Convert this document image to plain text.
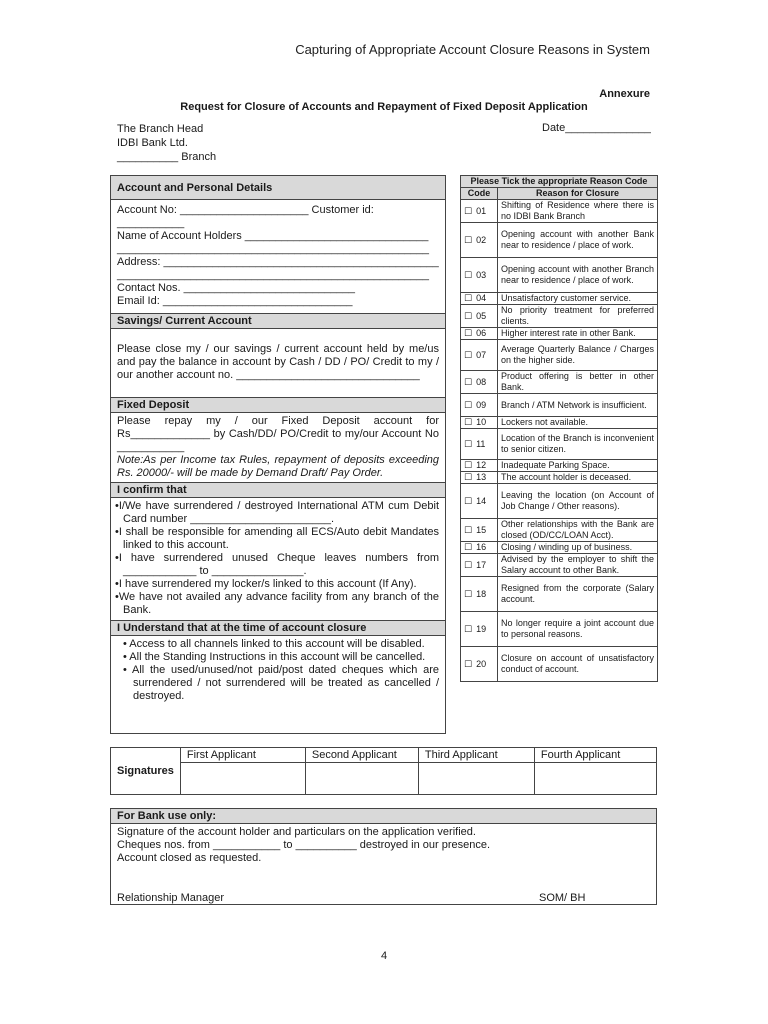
Capturing of Appropriate Account Closure Reasons in System
Annexure
Request for Closure of Accounts and Repayment of Fixed Deposit Application
The Branch Head
IDBI Bank Ltd.
__________ Branch
Date______________
Account and Personal Details
Account No: _____________________ Customer id: ___________
Name of Account Holders ______________________________
___________________________________________________
Address: _____________________________________________
___________________________________________________
Contact Nos. ____________________________
Email Id: _______________________________
Savings/ Current Account
Please close my / our savings / current account held by me/us and pay the balance in account by Cash / DD / PO/ Credit to my / our another account no. ______________________________
Fixed Deposit
Please repay my / our Fixed Deposit account for Rs_____________ by Cash/DD/ PO/Credit to my/our Account No ___________
Note:As per Income tax Rules, repayment of deposits exceeding Rs. 20000/- will be made by Demand Draft/ Pay Order.
I confirm that

•I/We have surrendered / destroyed International ATM cum Debit Card number _______________________.

•I shall be responsible for amending all ECS/Auto debit Mandates linked to this account.

•I have surrendered unused Cheque leaves numbers from ____________ to _______________.

•I have surrendered my locker/s linked to this account (If Any).

•We have not availed any advance facility from any branch of the Bank.

I Understand that at the time of account closure

• Access to all channels linked to this account will be disabled.

• All the Standing Instructions in this account will be cancelled.

• All the used/unused/not paid/post dated cheques which are surrendered / not surrendered will be treated as cancelled / destroyed.

Please Tick the appropriate Reason Code	
Code	Reason for Closure
☐ 01	Shifting of Residence where there is no IDBI Bank Branch
☐ 02	Opening account with another Bank near to residence / place of work.
☐ 03	Opening account with another Branch near to residence / place of work.
☐ 04	Unsatisfactory customer service.
☐ 05	No priority treatment for preferred clients.
☐ 06	Higher interest rate in other Bank.
☐ 07	Average Quarterly Balance / Charges on the higher side.
☐ 08	Product offering is better in other Bank.
☐ 09	Branch / ATM Network is insufficient.
☐ 10	Lockers not available.
☐ 11	Location of the Branch is inconvenient to senior citizen.
☐ 12	Inadequate Parking Space.
☐ 13	The account holder is deceased.
☐ 14	Leaving the location (on Account of Job Change / Other reasons).
☐ 15	Other relationships with the Bank are closed (OD/CC/LOAN Acct).
☐ 16	Closing / winding up of business.
☐ 17	Advised by the employer to shift the Salary account to other Bank.
☐ 18	Resigned from the corporate (Salary account.
☐ 19	No longer require a joint account due to personal reasons.
☐ 20	Closure on account of unsatisfactory conduct of account.
Signatures	First Applicant	Second Applicant	Third Applicant	Fourth Applicant

For Bank use only:
Signature of the account holder and particulars on the application verified.
Cheques nos. from ___________ to __________ destroyed in our presence.
Account closed as requested.
Relationship Manager	SOM/ BH
4
